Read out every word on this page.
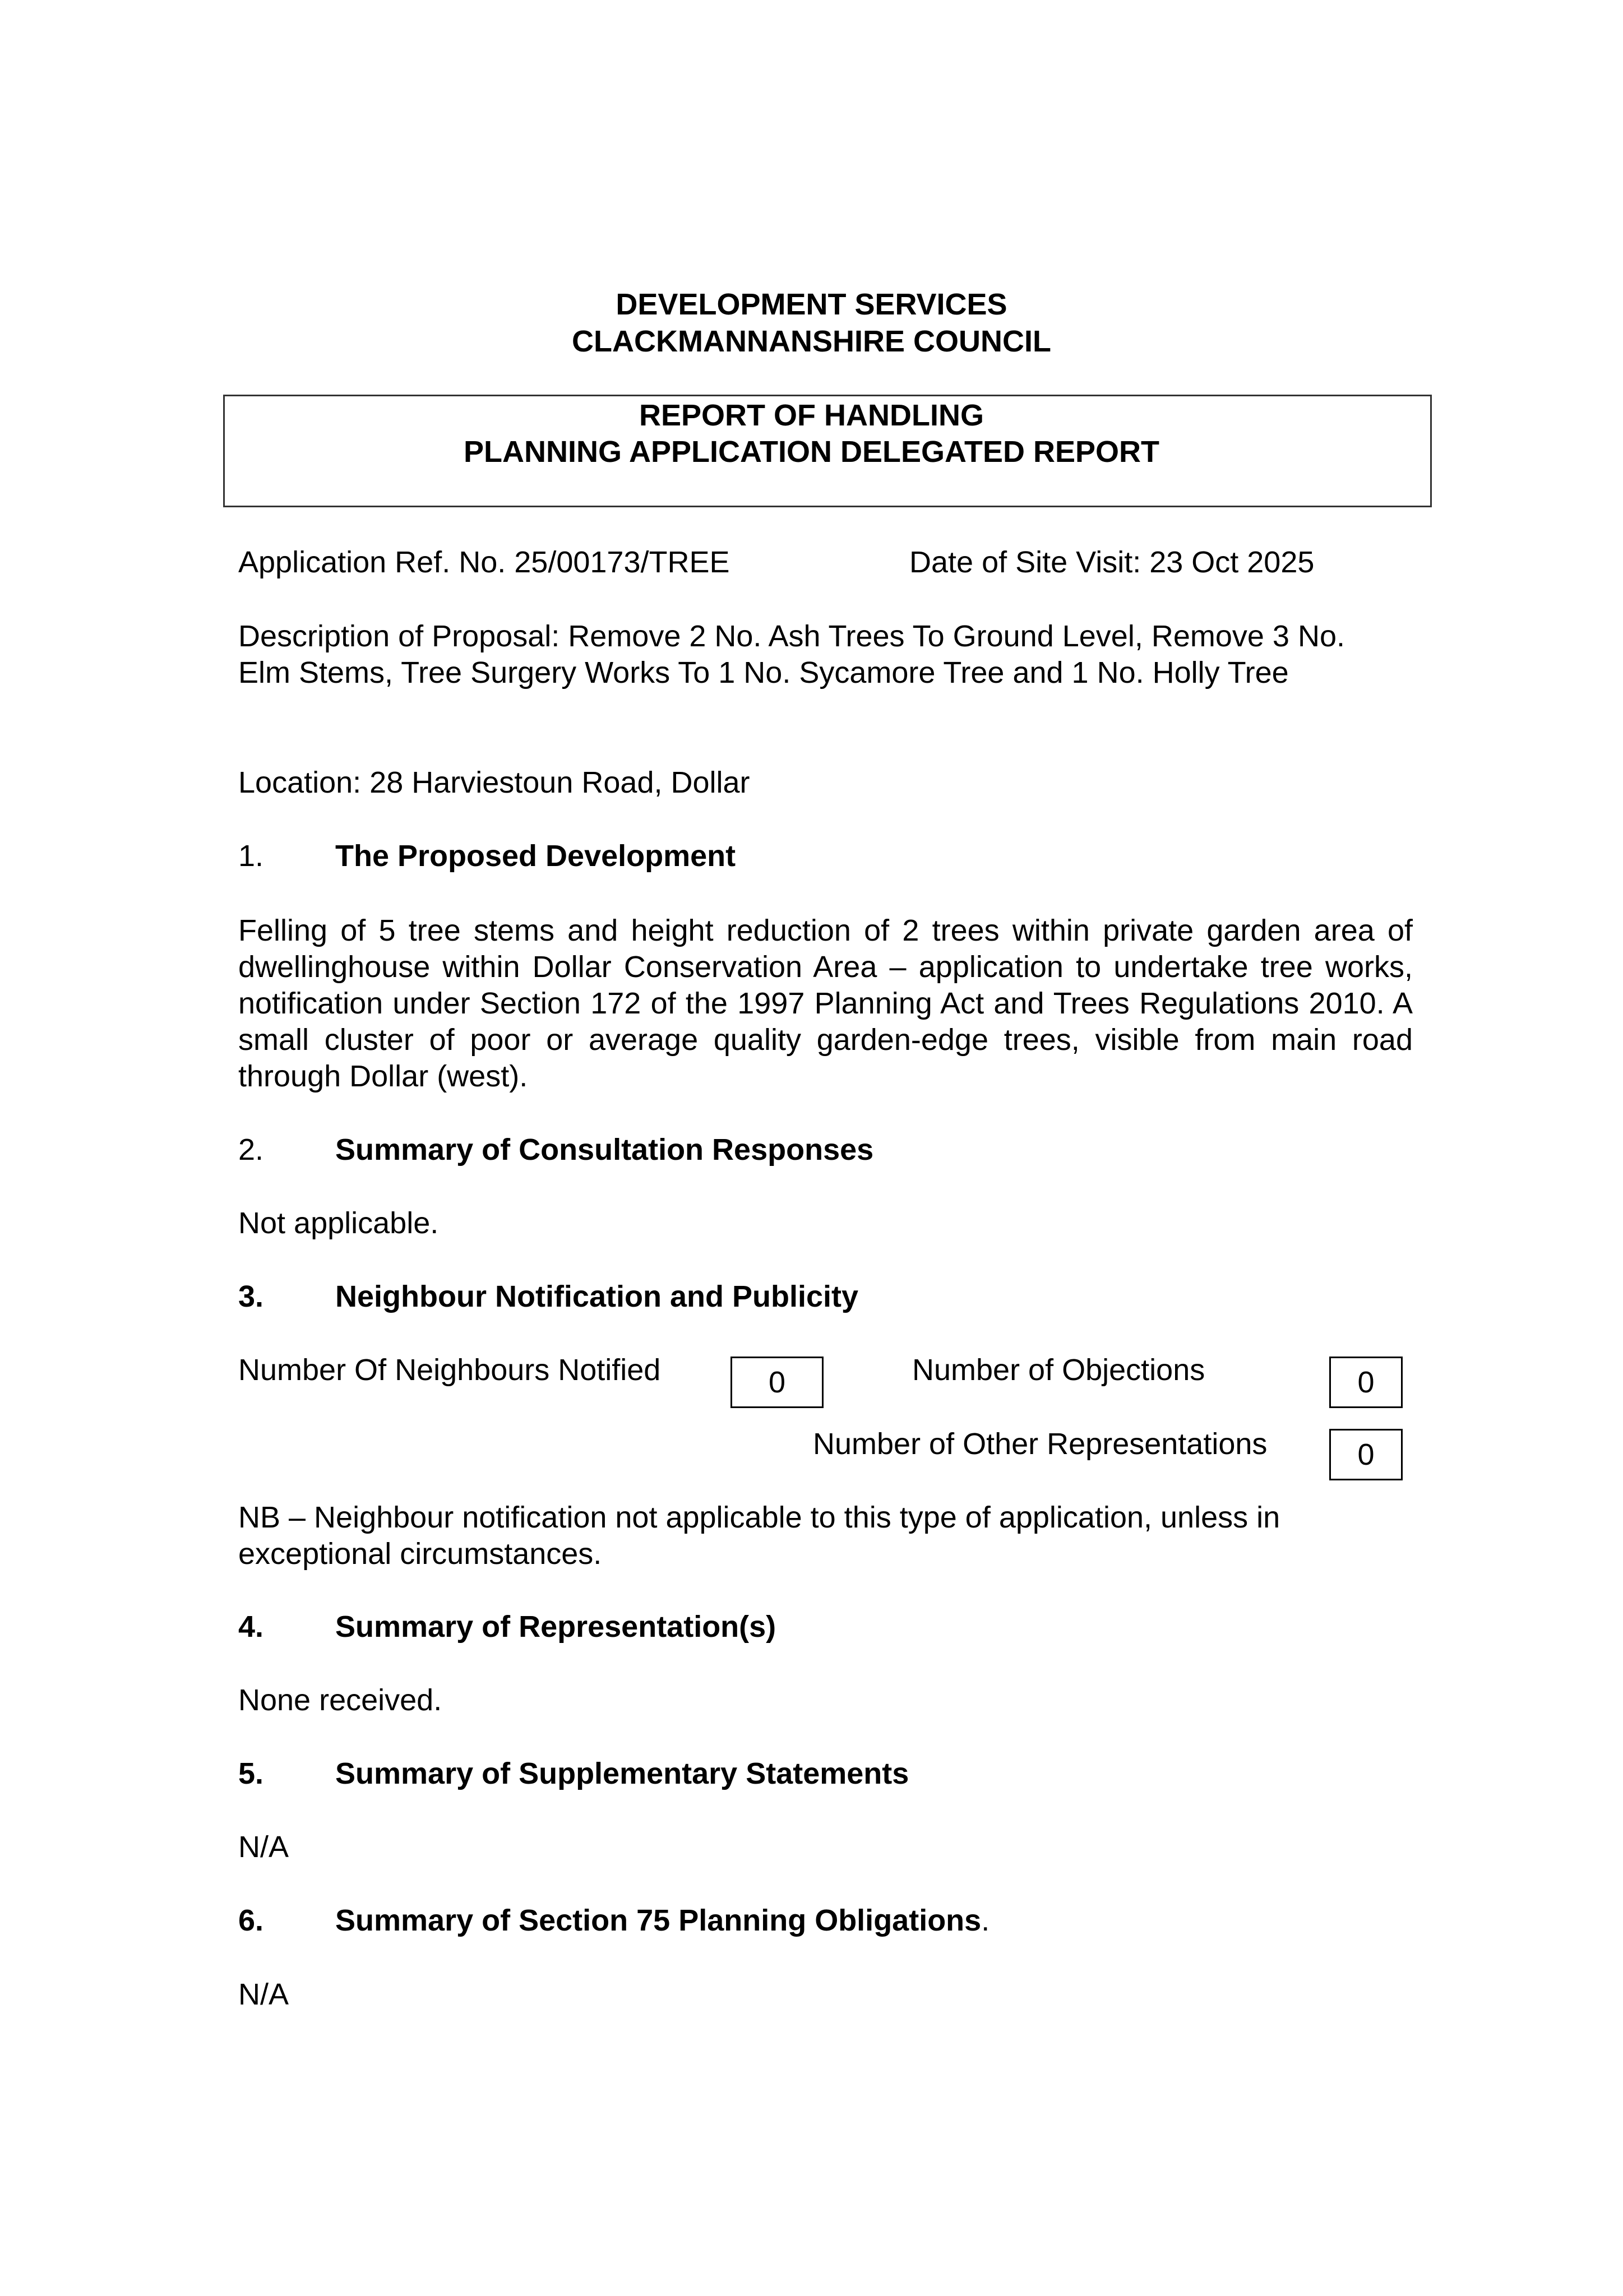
DEVELOPMENT SERVICES
CLACKMANNANSHIRE COUNCIL
REPORT OF HANDLING
PLANNING APPLICATION DELEGATED REPORT
Application Ref. No. 25/00173/TREE	Date of Site Visit: 23 Oct 2025
Description of Proposal: Remove 2 No. Ash Trees To Ground Level, Remove 3 No. Elm Stems, Tree Surgery Works To 1 No. Sycamore Tree and 1 No. Holly Tree
Location: 28 Harviestoun Road, Dollar
1. The Proposed Development
Felling of 5 tree stems and height reduction of 2 trees within private garden area of dwellinghouse within Dollar Conservation Area – application to undertake tree works, notification under Section 172 of the 1997 Planning Act and Trees Regulations 2010. A small cluster of poor or average quality garden-edge trees, visible from main road through Dollar (west).
2. Summary of Consultation Responses
Not applicable.
3. Neighbour Notification and Publicity
Number Of Neighbours Notified	0	Number of Objections	0
Number of Other Representations	0
NB – Neighbour notification not applicable to this type of application, unless in exceptional circumstances.
4. Summary of Representation(s)
None received.
5. Summary of Supplementary Statements
N/A
6. Summary of Section 75 Planning Obligations.
N/A
